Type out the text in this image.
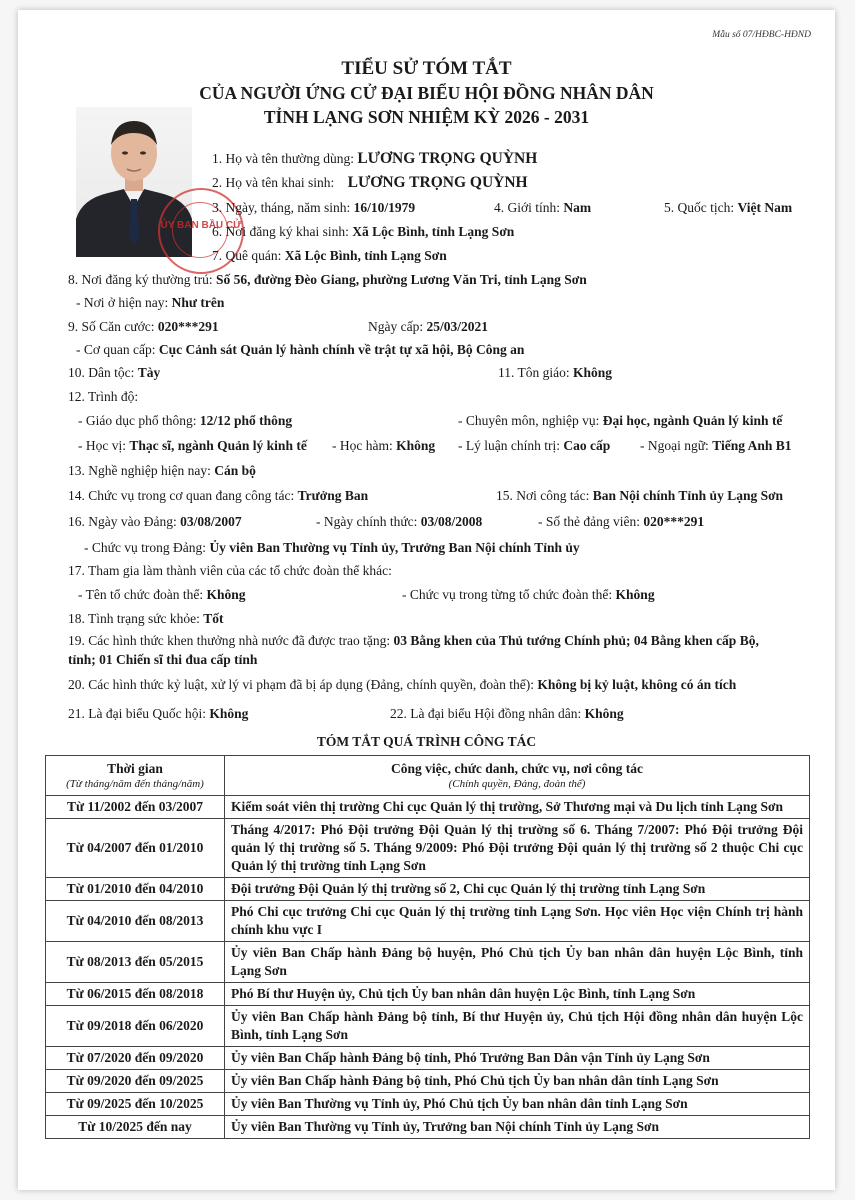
Mẫu số 07/HĐBC-HĐND
TIỂU SỬ TÓM TẮT
CỦA NGƯỜI ỨNG CỬ ĐẠI BIỂU HỘI ĐỒNG NHÂN DÂN
TỈNH LẠNG SƠN NHIỆM KỲ 2026 - 2031
ỦY BAN BẦU CỬ
1. Họ và tên thường dùng: LƯƠNG TRỌNG QUỲNH
2. Họ và tên khai sinh: LƯƠNG TRỌNG QUỲNH
3. Ngày, tháng, năm sinh: 16/10/1979	4. Giới tính: Nam	5. Quốc tịch: Việt Nam
6. Nơi đăng ký khai sinh: Xã Lộc Bình, tỉnh Lạng Sơn
7. Quê quán: Xã Lộc Bình, tỉnh Lạng Sơn
8. Nơi đăng ký thường trú: Số 56, đường Đèo Giang, phường Lương Văn Tri, tỉnh Lạng Sơn
- Nơi ở hiện nay: Như trên
9. Số Căn cước: 020***291	Ngày cấp: 25/03/2021
- Cơ quan cấp: Cục Cảnh sát Quản lý hành chính về trật tự xã hội, Bộ Công an
10. Dân tộc: Tày	11. Tôn giáo: Không
12. Trình độ:
- Giáo dục phổ thông: 12/12 phổ thông	- Chuyên môn, nghiệp vụ: Đại học, ngành Quản lý kinh tế
- Học vị: Thạc sĩ, ngành Quản lý kinh tế - Học hàm: Không - Lý luận chính trị: Cao cấp - Ngoại ngữ: Tiếng Anh B1
13. Nghề nghiệp hiện nay: Cán bộ
14. Chức vụ trong cơ quan đang công tác: Trưởng Ban	15. Nơi công tác: Ban Nội chính Tỉnh ủy Lạng Sơn
16. Ngày vào Đảng: 03/08/2007	- Ngày chính thức: 03/08/2008	- Số thẻ đảng viên: 020***291
- Chức vụ trong Đảng: Ủy viên Ban Thường vụ Tỉnh ủy, Trưởng Ban Nội chính Tỉnh ủy
17. Tham gia làm thành viên của các tổ chức đoàn thể khác:
- Tên tổ chức đoàn thể: Không	- Chức vụ trong từng tổ chức đoàn thể: Không
18. Tình trạng sức khỏe: Tốt
19. Các hình thức khen thưởng nhà nước đã được trao tặng: 03 Bằng khen của Thủ tướng Chính phủ; 04 Bằng khen cấp Bộ,
tỉnh; 01 Chiến sĩ thi đua cấp tỉnh
20. Các hình thức kỷ luật, xử lý vi phạm đã bị áp dụng (Đảng, chính quyền, đoàn thể): Không bị kỷ luật, không có án tích
21. Là đại biểu Quốc hội: Không	22. Là đại biểu Hội đồng nhân dân: Không
TÓM TẮT QUÁ TRÌNH CÔNG TÁC
Thời gian
(Từ tháng/năm đến tháng/năm)	Công việc, chức danh, chức vụ, nơi công tác
(Chính quyền, Đảng, đoàn thể)

Từ 11/2002 đến 03/2007	Kiểm soát viên thị trường Chi cục Quản lý thị trường, Sở Thương mại và Du lịch tỉnh Lạng Sơn
Từ 04/2007 đến 01/2010	Tháng 4/2017: Phó Đội trưởng Đội Quản lý thị trường số 6. Tháng 7/2007: Phó Đội trưởng Đội quản lý thị trường số 5. Tháng 9/2009: Phó Đội trưởng Đội quản lý thị trường số 2 thuộc Chi cục Quản lý thị trường tỉnh Lạng Sơn
Từ 01/2010 đến 04/2010	Đội trưởng Đội Quản lý thị trường số 2, Chi cục Quản lý thị trường tỉnh Lạng Sơn
Từ 04/2010 đến 08/2013	Phó Chi cục trưởng Chi cục Quản lý thị trường tỉnh Lạng Sơn. Học viên Học viện Chính trị hành chính khu vực I
Từ 08/2013 đến 05/2015	Ủy viên Ban Chấp hành Đảng bộ huyện, Phó Chủ tịch Ủy ban nhân dân huyện Lộc Bình, tỉnh Lạng Sơn
Từ 06/2015 đến 08/2018	Phó Bí thư Huyện ủy, Chủ tịch Ủy ban nhân dân huyện Lộc Bình, tỉnh Lạng Sơn
Từ 09/2018 đến 06/2020	Ủy viên Ban Chấp hành Đảng bộ tỉnh, Bí thư Huyện ủy, Chủ tịch Hội đồng nhân dân huyện Lộc Bình, tỉnh Lạng Sơn
Từ 07/2020 đến 09/2020	Ủy viên Ban Chấp hành Đảng bộ tỉnh, Phó Trưởng Ban Dân vận Tỉnh ủy Lạng Sơn
Từ 09/2020 đến 09/2025	Ủy viên Ban Chấp hành Đảng bộ tỉnh, Phó Chủ tịch Ủy ban nhân dân tỉnh Lạng Sơn
Từ 09/2025 đến 10/2025	Ủy viên Ban Thường vụ Tỉnh ủy, Phó Chủ tịch Ủy ban nhân dân tỉnh Lạng Sơn
Từ 10/2025 đến nay	Ủy viên Ban Thường vụ Tỉnh ủy, Trưởng ban Nội chính Tỉnh ủy Lạng Sơn
